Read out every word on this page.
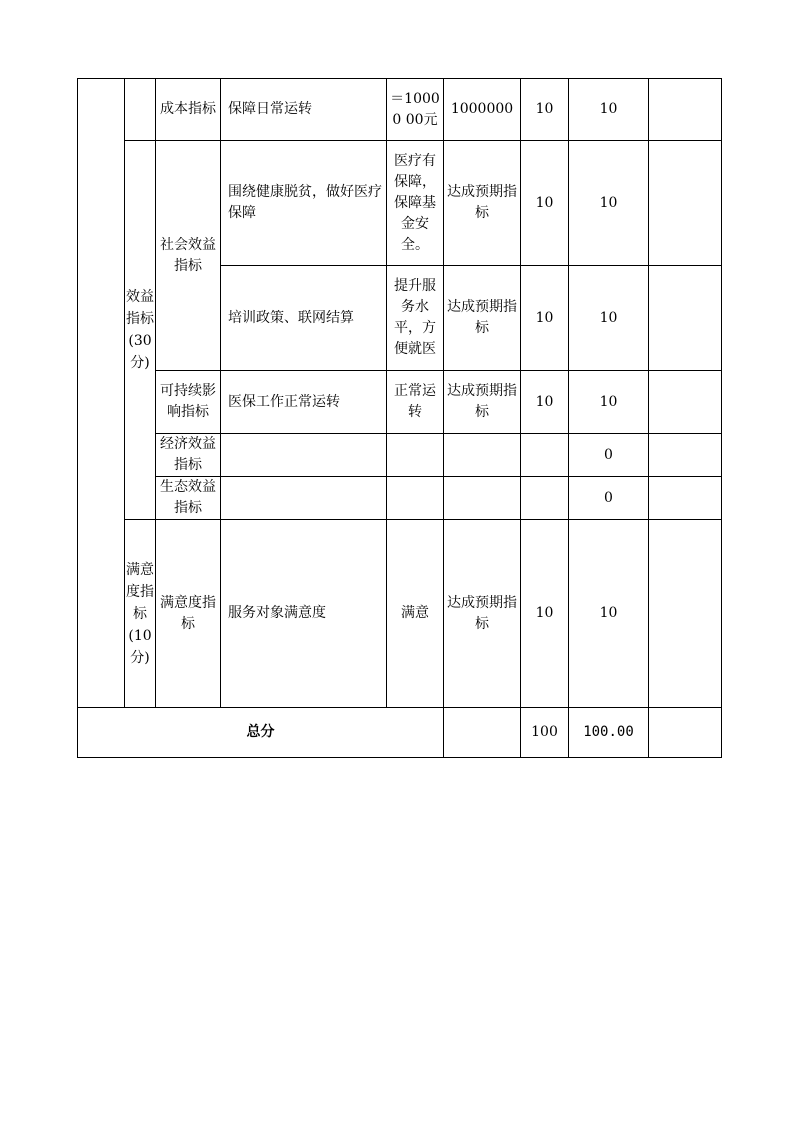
		成本指标	保障日常运转	＝10000 00元	1000000	10	10	
	效益指标(30分)	社会效益指标	围绕健康脱贫，做好医疗保障	医疗有保障，保障基金安全。	达成预期指标	10	10	
			培训政策、联网结算	提升服务水平，方便就医	达成预期指标	10	10	
		可持续影响指标	医保工作正常运转	正常运转	达成预期指标	10	10	
		经济效益指标					0	
		生态效益指标					0	
	满意度指标(10分)	满意度指标	服务对象满意度	满意	达成预期指标	10	10	
总分						100	100.00	
